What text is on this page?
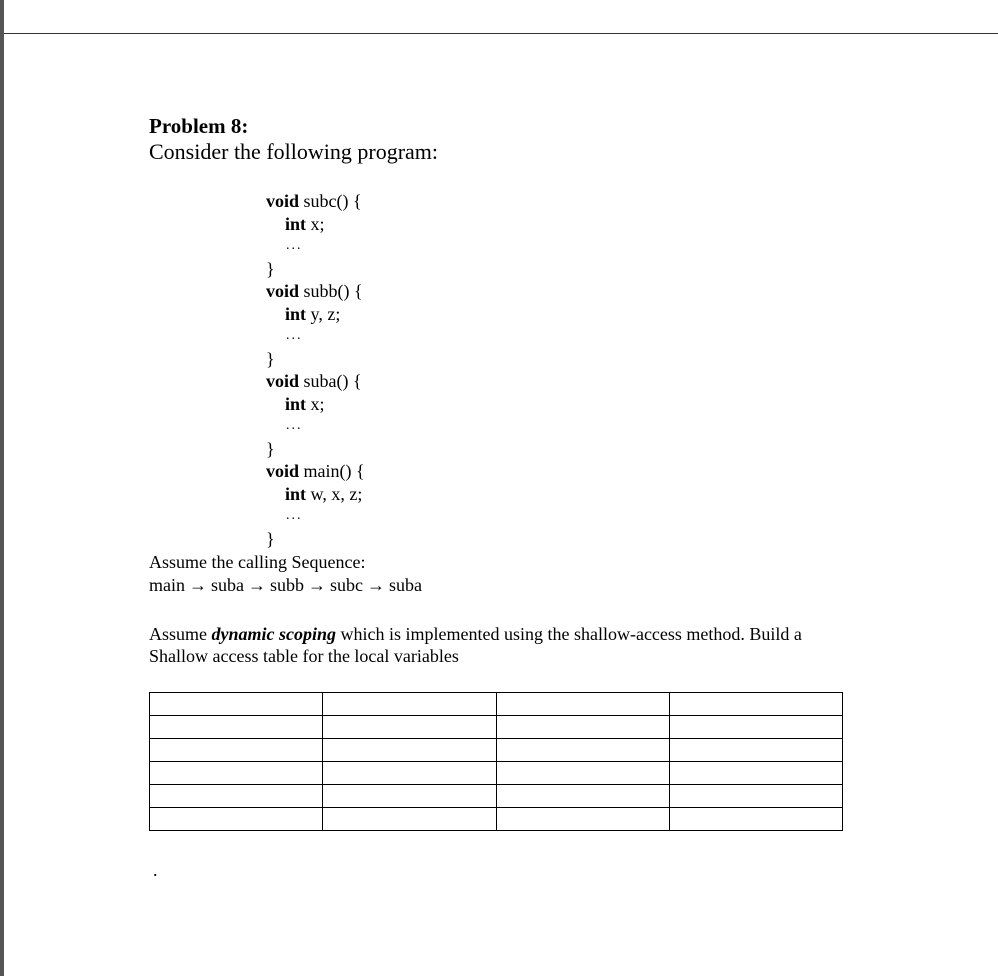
Problem 8:
Consider the following program:
void subc() {
int x;
...
}
void subb() {
int y, z;
...
}
void suba() {
int x;
...
}
void main() {
int w, x, z;
...
}
Assume the calling Sequence:
main → suba → subb → subc → suba
Assume dynamic scoping which is implemented using the shallow-access method. Build a Shallow access table for the local variables

.
